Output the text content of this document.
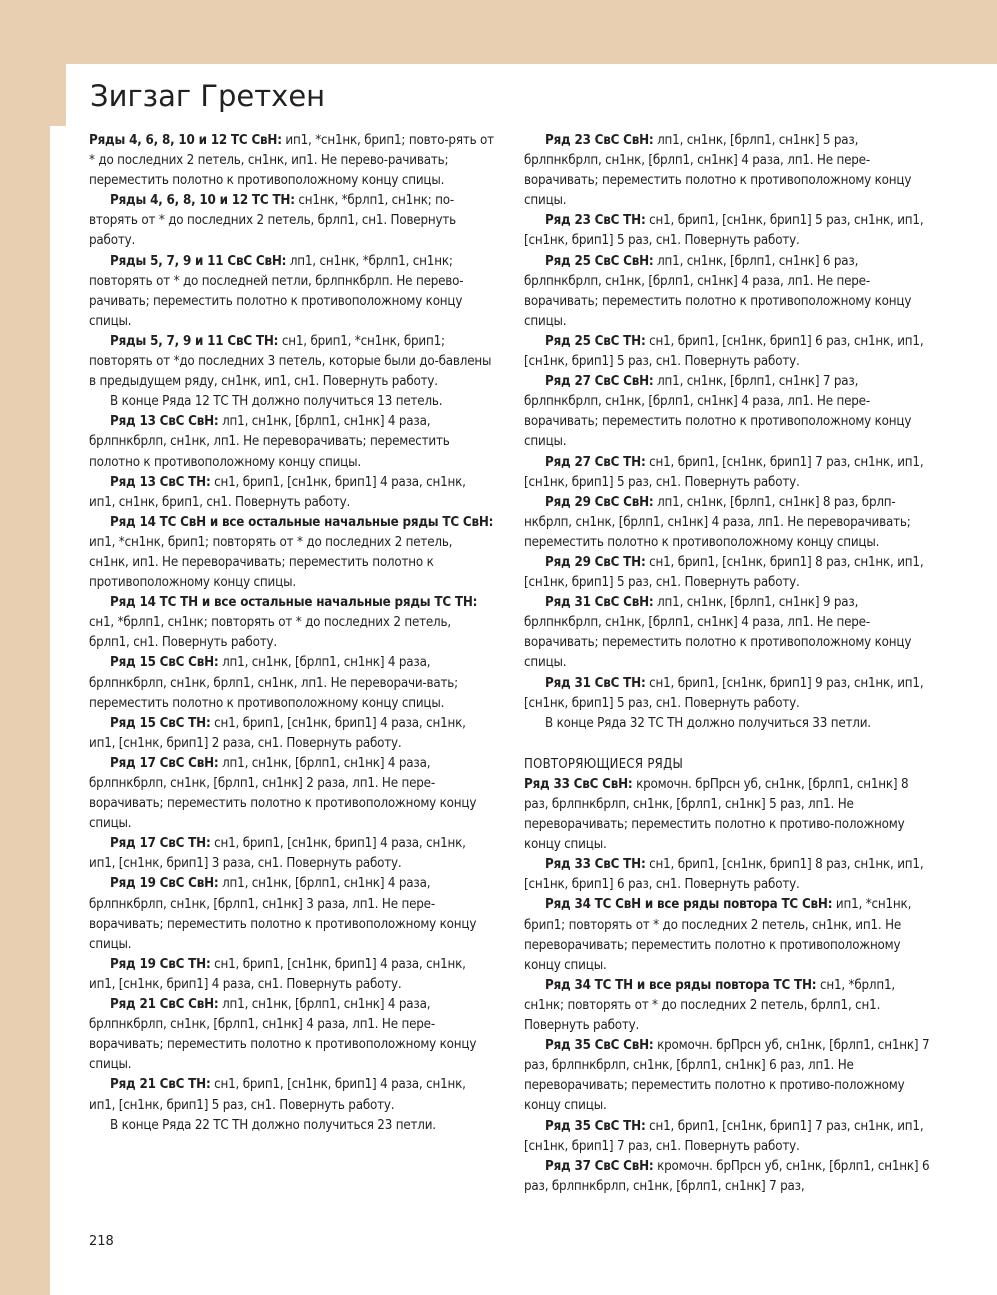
Зигзаг Гретхен

Ряды 4, 6, 8, 10 и 12 ТС СвН: ип1, *сн1нк, брип1; повто-рять от * до последних 2 петель, сн1нк, ип1. Не перево-рачивать; переместить полотно к противоположному концу спицы.

Ряды 4, 6, 8, 10 и 12 ТС ТН: сн1нк, *брлп1, сн1нк; по-вторять от * до последних 2 петель, брлп1, сн1. Повернуть работу.

Ряды 5, 7, 9 и 11 СвС СвН: лп1, сн1нк, *брлп1, сн1нк; повторять от * до последней петли, брлпнкбрлп. Не перево-рачивать; переместить полотно к противоположному концу спицы.

Ряды 5, 7, 9 и 11 СвС ТН: сн1, брип1, *сн1нк, брип1; повторять от *до последних 3 петель, которые были до-бавлены в предыдущем ряду, сн1нк, ип1, сн1. Повернуть работу.

В конце Ряда 12 ТС ТН должно получиться 13 петель.

Ряд 13 СвС СвН: лп1, сн1нк, [брлп1, сн1нк] 4 раза, брлпнкбрлп, сн1нк, лп1. Не переворачивать; переместить полотно к противоположному концу спицы.

Ряд 13 СвС ТН: сн1, брип1, [сн1нк, брип1] 4 раза, сн1нк, ип1, сн1нк, брип1, сн1. Повернуть работу.

Ряд 14 ТС СвН и все остальные начальные ряды ТС СвН: ип1, *сн1нк, брип1; повторять от * до последних 2 петель, сн1нк, ип1. Не переворачивать; переместить полотно к противоположному концу спицы.

Ряд 14 ТС ТН и все остальные начальные ряды ТС ТН: сн1, *брлп1, сн1нк; повторять от * до последних 2 петель, брлп1, сн1. Повернуть работу.

Ряд 15 СвС СвН: лп1, сн1нк, [брлп1, сн1нк] 4 раза, брлпнкбрлп, сн1нк, брлп1, сн1нк, лп1. Не переворачи-вать; переместить полотно к противоположному концу спицы.

Ряд 15 СвС ТН: сн1, брип1, [сн1нк, брип1] 4 раза, сн1нк, ип1, [сн1нк, брип1] 2 раза, сн1. Повернуть работу.

Ряд 17 СвС СвН: лп1, сн1нк, [брлп1, сн1нк] 4 раза, брлпнкбрлп, сн1нк, [брлп1, сн1нк] 2 раза, лп1. Не пере-ворачивать; переместить полотно к противоположному концу спицы.

Ряд 17 СвС ТН: сн1, брип1, [сн1нк, брип1] 4 раза, сн1нк, ип1, [сн1нк, брип1] 3 раза, сн1. Повернуть работу.

Ряд 19 СвС СвН: лп1, сн1нк, [брлп1, сн1нк] 4 раза, брлпнкбрлп, сн1нк, [брлп1, сн1нк] 3 раза, лп1. Не пере-ворачивать; переместить полотно к противоположному концу спицы.

Ряд 19 СвС ТН: сн1, брип1, [сн1нк, брип1] 4 раза, сн1нк, ип1, [сн1нк, брип1] 4 раза, сн1. Повернуть работу.

Ряд 21 СвС СвН: лп1, сн1нк, [брлп1, сн1нк] 4 раза, брлпнкбрлп, сн1нк, [брлп1, сн1нк] 4 раза, лп1. Не пере-ворачивать; переместить полотно к противоположному концу спицы.

Ряд 21 СвС ТН: сн1, брип1, [сн1нк, брип1] 4 раза, сн1нк, ип1, [сн1нк, брип1] 5 раз, сн1. Повернуть работу.

В конце Ряда 22 ТС ТН должно получиться 23 петли.

Ряд 23 СвС СвН: лп1, сн1нк, [брлп1, сн1нк] 5 раз, брлпнкбрлп, сн1нк, [брлп1, сн1нк] 4 раза, лп1. Не пере-ворачивать; переместить полотно к противоположному концу спицы.

Ряд 23 СвС ТН: сн1, брип1, [сн1нк, брип1] 5 раз, сн1нк, ип1, [сн1нк, брип1] 5 раз, сн1. Повернуть работу.

Ряд 25 СвС СвН: лп1, сн1нк, [брлп1, сн1нк] 6 раз, брлпнкбрлп, сн1нк, [брлп1, сн1нк] 4 раза, лп1. Не пере-ворачивать; переместить полотно к противоположному концу спицы.

Ряд 25 СвС ТН: сн1, брип1, [сн1нк, брип1] 6 раз, сн1нк, ип1, [сн1нк, брип1] 5 раз, сн1. Повернуть работу.

Ряд 27 СвС СвН: лп1, сн1нк, [брлп1, сн1нк] 7 раз, брлпнкбрлп, сн1нк, [брлп1, сн1нк] 4 раза, лп1. Не пере-ворачивать; переместить полотно к противоположному концу спицы.

Ряд 27 СвС ТН: сн1, брип1, [сн1нк, брип1] 7 раз, сн1нк, ип1, [сн1нк, брип1] 5 раз, сн1. Повернуть работу.

Ряд 29 СвС СвН: лп1, сн1нк, [брлп1, сн1нк] 8 раз, брлп-нкбрлп, сн1нк, [брлп1, сн1нк] 4 раза, лп1. Не переворачивать; переместить полотно к противоположному концу спицы.

Ряд 29 СвС ТН: сн1, брип1, [сн1нк, брип1] 8 раз, сн1нк, ип1, [сн1нк, брип1] 5 раз, сн1. Повернуть работу.

Ряд 31 СвС СвН: лп1, сн1нк, [брлп1, сн1нк] 9 раз, брлпнкбрлп, сн1нк, [брлп1, сн1нк] 4 раза, лп1. Не пере-ворачивать; переместить полотно к противоположному концу спицы.

Ряд 31 СвС ТН: сн1, брип1, [сн1нк, брип1] 9 раз, сн1нк, ип1, [сн1нк, брип1] 5 раз, сн1. Повернуть работу.

В конце Ряда 32 ТС ТН должно получиться 33 петли.

ПОВТОРЯЮЩИЕСЯ РЯДЫ

Ряд 33 СвС СвН: кромочн. брПрсн уб, сн1нк, [брлп1, сн1нк] 8 раз, брлпнкбрлп, сн1нк, [брлп1, сн1нк] 5 раз, лп1. Не переворачивать; переместить полотно к противо-положному концу спицы.

Ряд 33 СвС ТН: сн1, брип1, [сн1нк, брип1] 8 раз, сн1нк, ип1, [сн1нк, брип1] 6 раз, сн1. Повернуть работу.

Ряд 34 ТС СвН и все ряды повтора ТС СвН: ип1, *сн1нк, брип1; повторять от * до последних 2 петель, сн1нк, ип1. Не переворачивать; переместить полотно к противоположному концу спицы.

Ряд 34 ТС ТН и все ряды повтора ТС ТН: сн1, *брлп1, сн1нк; повторять от * до последних 2 петель, брлп1, сн1. Повернуть работу.

Ряд 35 СвС СвН: кромочн. брПрсн уб, сн1нк, [брлп1, сн1нк] 7 раз, брлпнкбрлп, сн1нк, [брлп1, сн1нк] 6 раз, лп1. Не переворачивать; переместить полотно к противо-положному концу спицы.

Ряд 35 СвС ТН: сн1, брип1, [сн1нк, брип1] 7 раз, сн1нк, ип1, [сн1нк, брип1] 7 раз, сн1. Повернуть работу.

Ряд 37 СвС СвН: кромочн. брПрсн уб, сн1нк, [брлп1, сн1нк] 6 раз, брлпнкбрлп, сн1нк, [брлп1, сн1нк] 7 раз,

218
